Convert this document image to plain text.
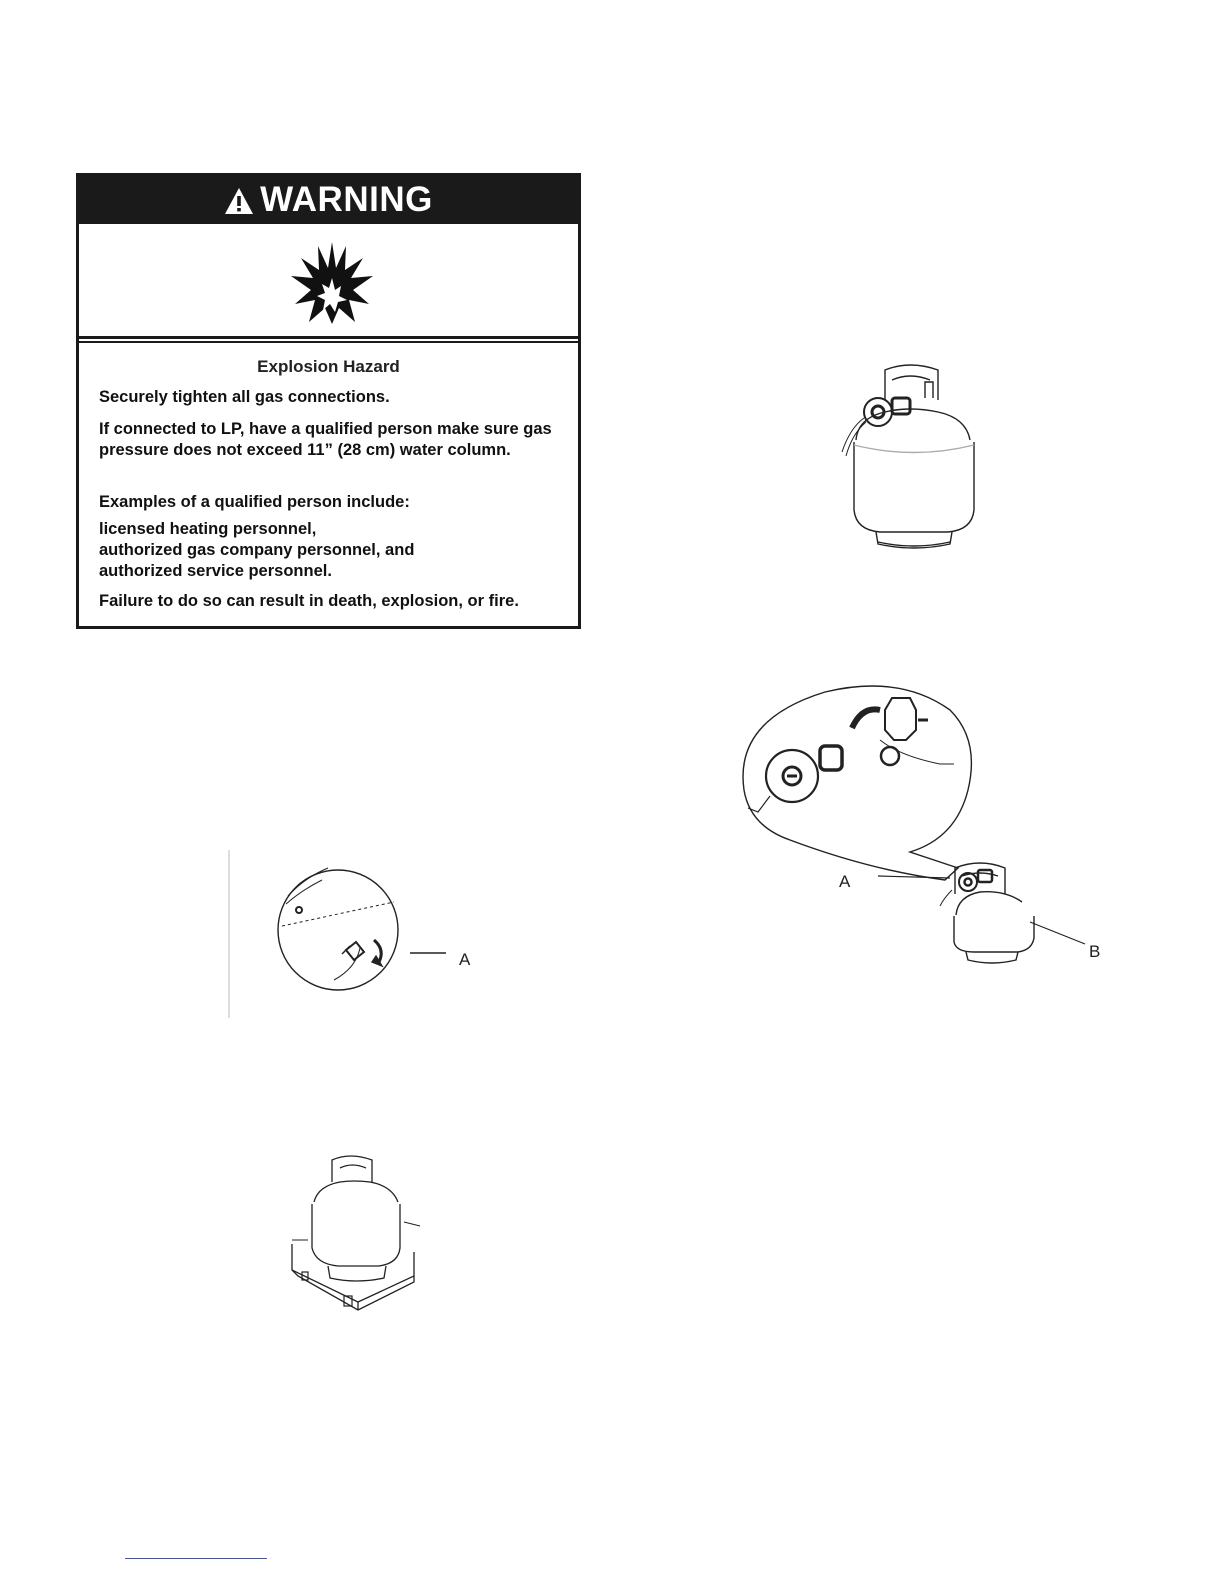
WARNING
Explosion Hazard
Securely tighten all gas connections.
If connected to LP, have a qualified person make sure gas pressure does not exceed 11” (28 cm) water column.
Examples of a qualified person include:
licensed heating personnel,
authorized gas company personnel, and
authorized service personnel.
Failure to do so can result in death, explosion, or fire.
A
B
A
